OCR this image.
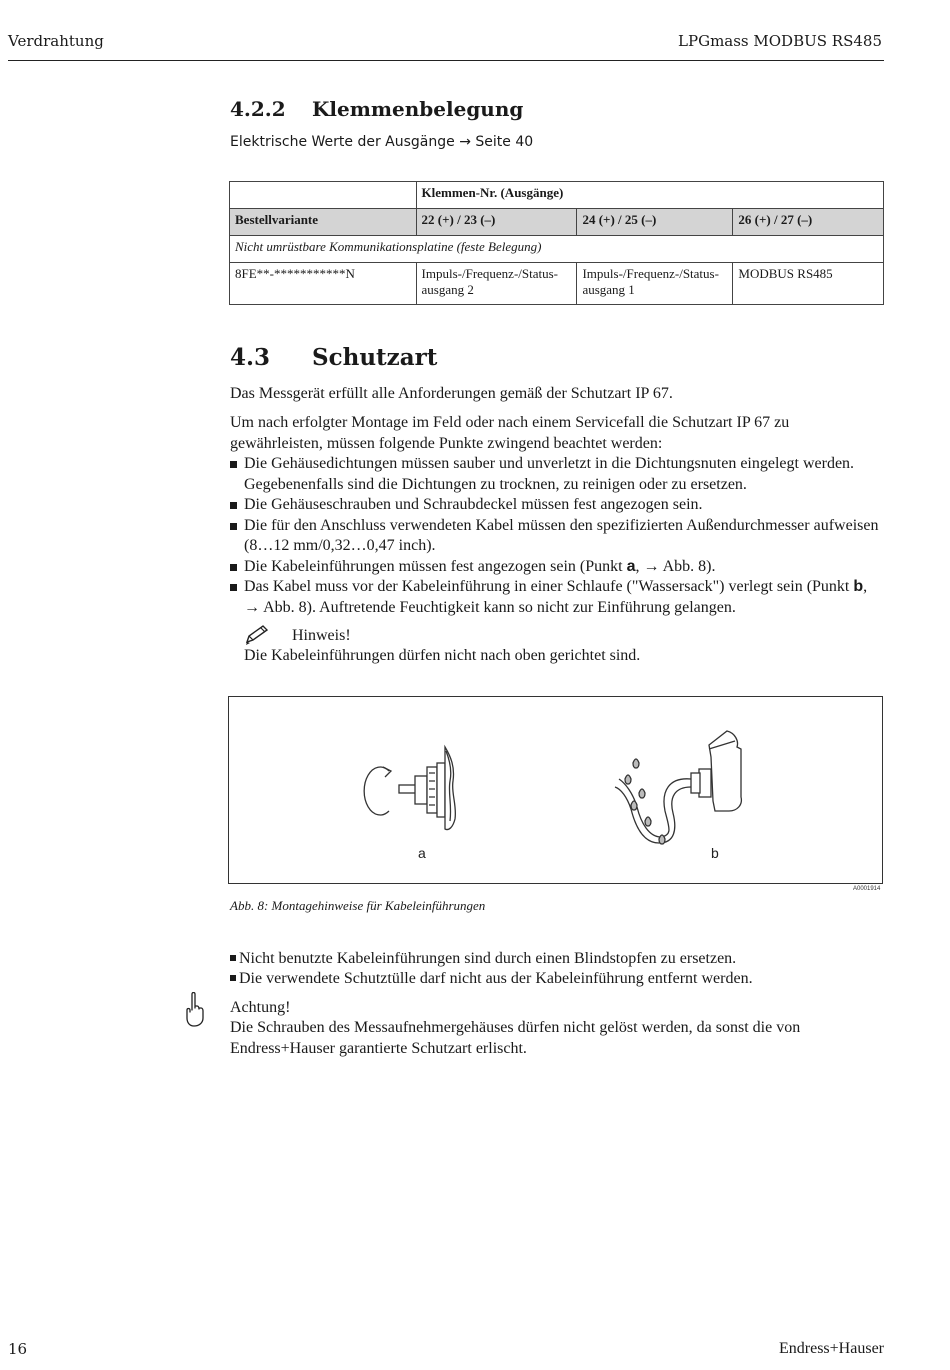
Verdrahtung	LPGmass MODBUS RS485
4.2.2 Klemmenbelegung
Elektrische Werte der Ausgänge → Seite 40
	Klemmen-Nr. (Ausgänge)		
Bestellvariante	22 (+) / 23 (–)	24 (+) / 25 (–)	26 (+) / 27 (–)
Nicht umrüstbare Kommunikationsplatine (feste Belegung)			
8FE**-***********N	Impuls-/Frequenz-/Status-ausgang 2	Impuls-/Frequenz-/Status-ausgang 1	MODBUS RS485
4.3 Schutzart
Das Messgerät erfüllt alle Anforderungen gemäß der Schutzart IP 67.
Um nach erfolgter Montage im Feld oder nach einem Servicefall die Schutzart IP 67 zu gewährleisten, müssen folgende Punkte zwingend beachtet werden:
Die Gehäusedichtungen müssen sauber und unverletzt in die Dichtungsnuten eingelegt werden. Gegebenenfalls sind die Dichtungen zu trocknen, zu reinigen oder zu ersetzen.
Die Gehäuseschrauben und Schraubdeckel müssen fest angezogen sein.
Die für den Anschluss verwendeten Kabel müssen den spezifizierten Außendurchmesser aufweisen (8…12 mm/0,32…0,47 inch).
Die Kabeleinführungen müssen fest angezogen sein (Punkt a, → Abb. 8).
Das Kabel muss vor der Kabeleinführung in einer Schlaufe ("Wassersack") verlegt sein (Punkt b, → Abb. 8). Auftretende Feuchtigkeit kann so nicht zur Einführung gelangen.
Hinweis!
Die Kabeleinführungen dürfen nicht nach oben gerichtet sind.
a	b
A0001914
Abb. 8: Montagehinweise für Kabeleinführungen
Nicht benutzte Kabeleinführungen sind durch einen Blindstopfen zu ersetzen.
Die verwendete Schutztülle darf nicht aus der Kabeleinführung entfernt werden.
Achtung!
Die Schrauben des Messaufnehmergehäuses dürfen nicht gelöst werden, da sonst die von Endress+Hauser garantierte Schutzart erlischt.
16	Endress+Hauser
